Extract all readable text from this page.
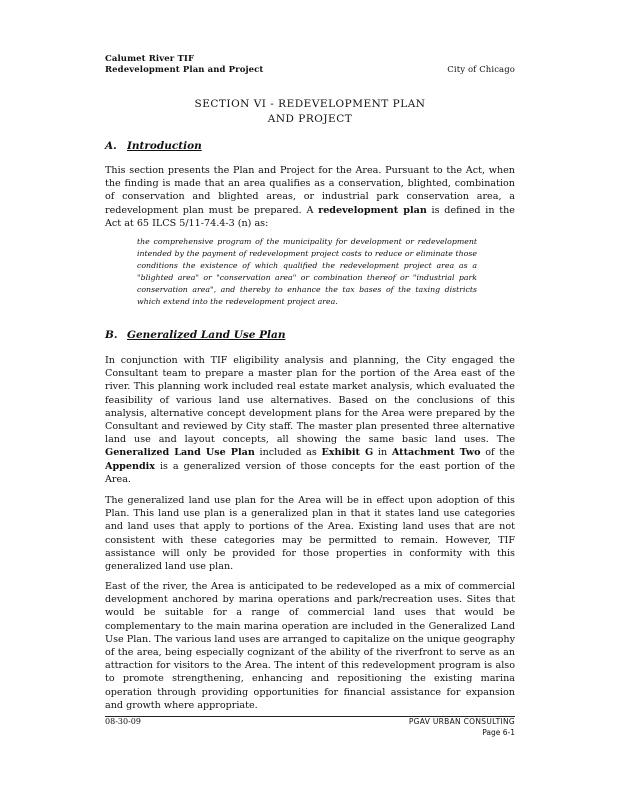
Calumet River TIF
Redevelopment Plan and Project	City of Chicago
SECTION VI - REDEVELOPMENT PLAN
AND PROJECT
A. Introduction
This section presents the Plan and Project for the Area. Pursuant to the Act, when the finding is made that an area qualifies as a conservation, blighted, combination of conservation and blighted areas, or industrial park conservation area, a redevelopment plan must be prepared. A redevelopment plan is defined in the Act at 65 ILCS 5/11-74.4-3 (n) as:
the comprehensive program of the municipality for development or redevelopment intended by the payment of redevelopment project costs to reduce or eliminate those conditions the existence of which qualified the redevelopment project area as a "blighted area" or "conservation area" or combination thereof or "industrial park conservation area", and thereby to enhance the tax bases of the taxing districts which extend into the redevelopment project area.
B. Generalized Land Use Plan
In conjunction with TIF eligibility analysis and planning, the City engaged the Consultant team to prepare a master plan for the portion of the Area east of the river. This planning work included real estate market analysis, which evaluated the feasibility of various land use alternatives. Based on the conclusions of this analysis, alternative concept development plans for the Area were prepared by the Consultant and reviewed by City staff. The master plan presented three alternative land use and layout concepts, all showing the same basic land uses. The Generalized Land Use Plan included as Exhibit G in Attachment Two of the Appendix is a generalized version of those concepts for the east portion of the Area.
The generalized land use plan for the Area will be in effect upon adoption of this Plan. This land use plan is a generalized plan in that it states land use categories and land uses that apply to portions of the Area. Existing land uses that are not consistent with these categories may be permitted to remain. However, TIF assistance will only be provided for those properties in conformity with this generalized land use plan.
East of the river, the Area is anticipated to be redeveloped as a mix of commercial development anchored by marina operations and park/recreation uses. Sites that would be suitable for a range of commercial land uses that would be complementary to the main marina operation are included in the Generalized Land Use Plan. The various land uses are arranged to capitalize on the unique geography of the area, being especially cognizant of the ability of the riverfront to serve as an attraction for visitors to the Area. The intent of this redevelopment program is also to promote strengthening, enhancing and repositioning the existing marina operation through providing opportunities for financial assistance for expansion and growth where appropriate.
08-30-09	PGAV URBAN CONSULTING
Page 6-1
